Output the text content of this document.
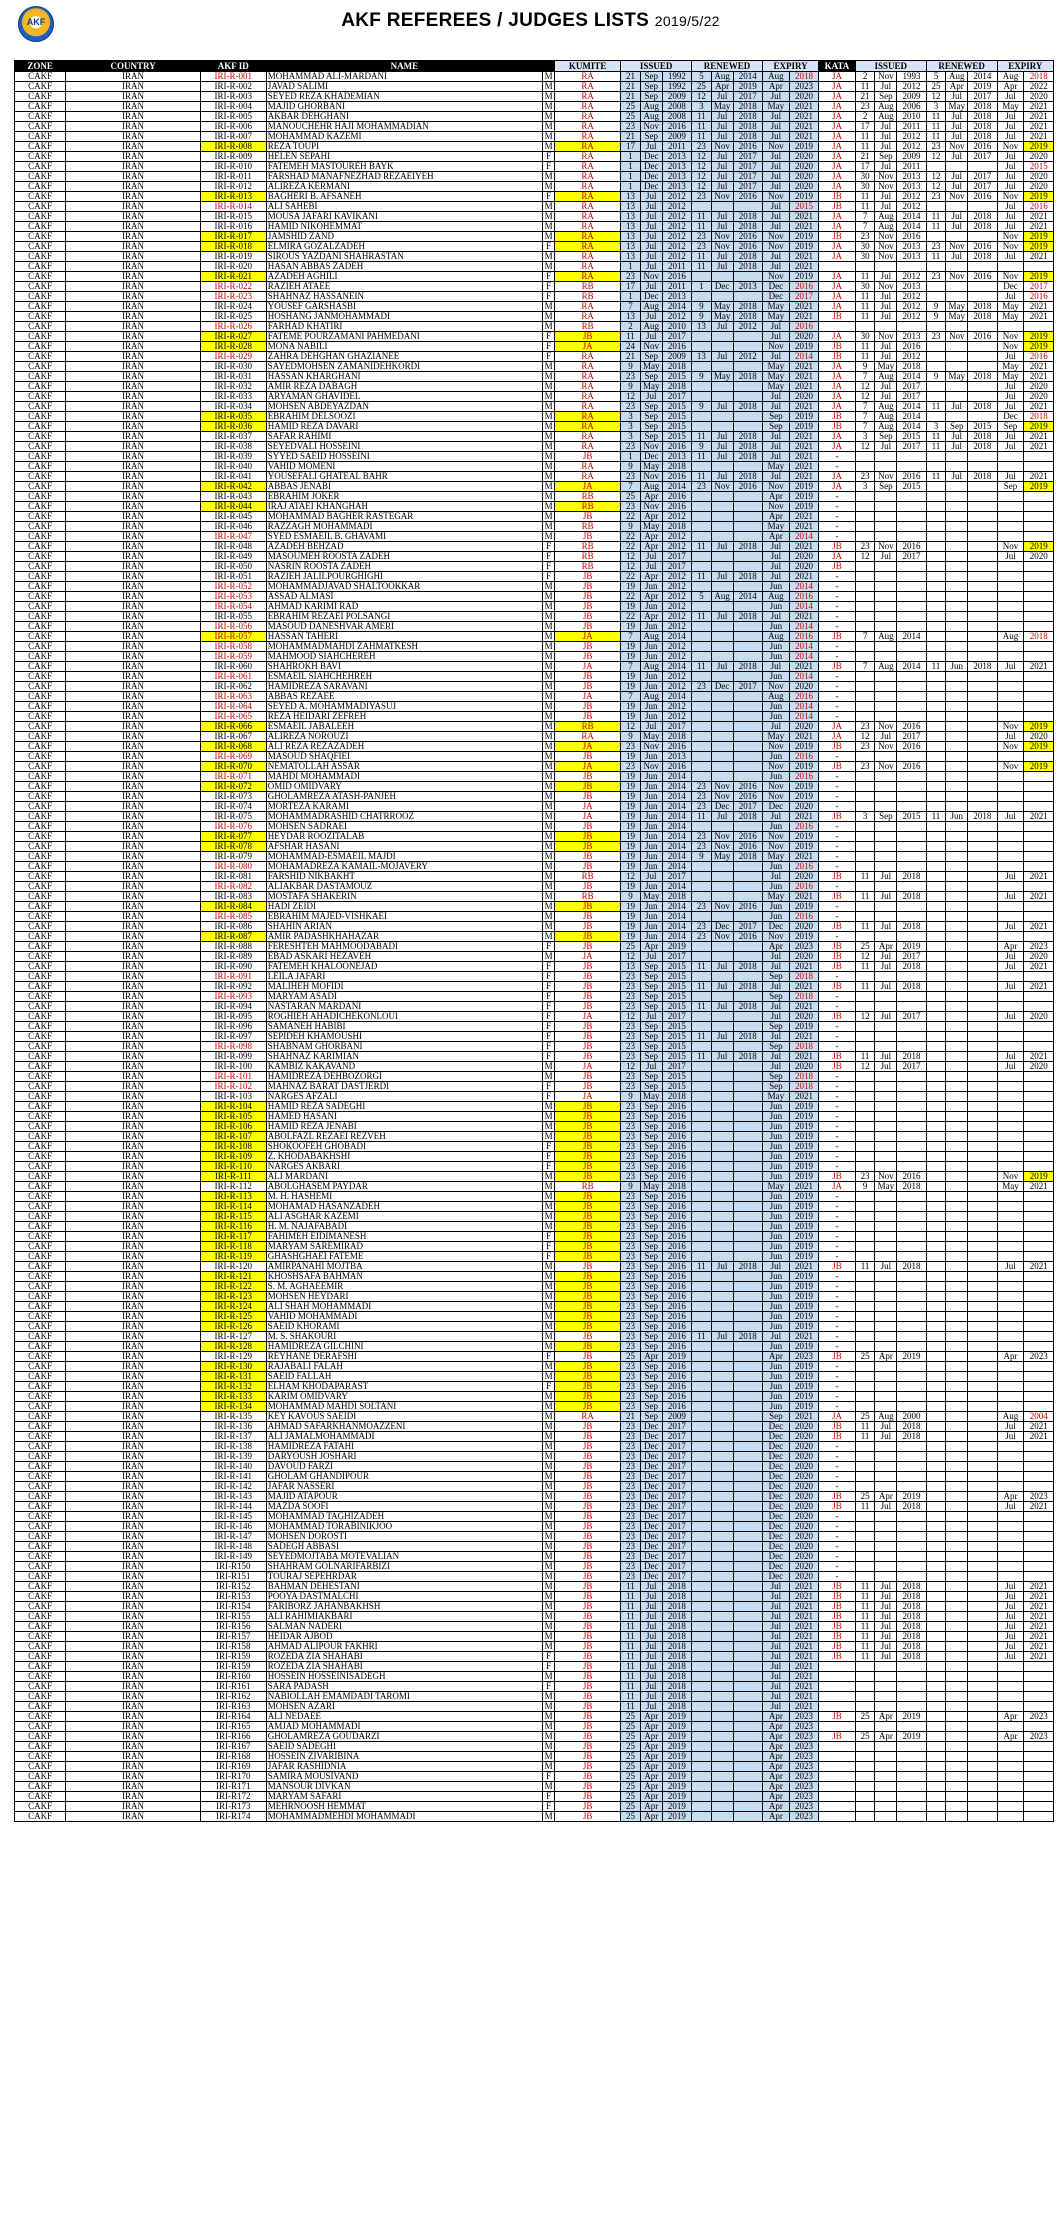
AKF	AKF REFEREES / JUDGES LISTS 2019/5/22
ZONE	COUNTRY	AKF ID	NAME		KUMITE	ISSUED			RENEWED			EXPIRY		KATA	ISSUED			RENEWED			EXPIRY	
CAKF	IRAN	IRI-R-001	MOHAMMAD ALI-MARDANI	M	RA	21	Sep	1992	5	Aug	2014	Aug	2018	JA	2	Nov	1993	5	Aug	2014	Aug	2018
CAKF	IRAN	IRI-R-002	JAVAD SALIMI	M	RA	21	Sep	1992	25	Apr	2019	Apr	2023	JA	11	Jul	2012	25	Apr	2019	Apr	2022
CAKF	IRAN	IRI-R-003	SEYED REZA KHADEMIAN	M	RA	21	Sep	2009	12	Jul	2017	Jul	2020	JA	21	Sep	2009	12	Jul	2017	Jul	2020
CAKF	IRAN	IRI-R-004	MAJID GHORBANI	M	RA	25	Aug	2008	3	May	2018	May	2021	JA	23	Aug	2006	3	May	2018	May	2021
CAKF	IRAN	IRI-R-005	AKBAR DEHGHANI	M	RA	25	Aug	2008	11	Jul	2018	Jul	2021	JA	2	Aug	2010	11	Jul	2018	Jul	2021
CAKF	IRAN	IRI-R-006	MANOUCHEHR HAJI MOHAMMADIAN	M	RA	23	Nov	2016	11	Jul	2018	Jul	2021	JA	17	Jul	2011	11	Jul	2018	Jul	2021
CAKF	IRAN	IRI-R-007	MOHAMMAD KAZEMI	M	RA	21	Sep	2009	11	Jul	2018	Jul	2021	JA	11	Jul	2012	11	Jul	2018	Jul	2021
CAKF	IRAN	IRI-R-008	REZA TOUPI	M	RA	17	Jul	2011	23	Nov	2016	Nov	2019	JA	11	Jul	2012	23	Nov	2016	Nov	2019
CAKF	IRAN	IRI-R-009	HELEN SEPAHI	F	RA	1	Dec	2013	12	Jul	2017	Jul	2020	JA	21	Sep	2009	12	Jul	2017	Jul	2020
CAKF	IRAN	IRI-R-010	FATEMEH MASTOUREH BAYK	F	RA	1	Dec	2013	12	Jul	2017	Jul	2020	JA	17	Jul	2011				Jul	2015
CAKF	IRAN	IRI-R-011	FARSHAD MANAFNEZHAD REZAEIYEH	M	RA	1	Dec	2013	12	Jul	2017	Jul	2020	JA	30	Nov	2013	12	Jul	2017	Jul	2020
CAKF	IRAN	IRI-R-012	ALIREZA KERMANI	M	RA	1	Dec	2013	12	Jul	2017	Jul	2020	JA	30	Nov	2013	12	Jul	2017	Jul	2020
CAKF	IRAN	IRI-R-013	BAGHERI B. AFSANEH	F	RA	13	Jul	2012	23	Nov	2016	Nov	2019	JB	11	Jul	2012	23	Nov	2016	Nov	2019
CAKF	IRAN	IRI-R-014	ALI SAHEBI	M	RA	13	Jul	2012				Jul	2015	JB	11	Jul	2012				Jul	2016
CAKF	IRAN	IRI-R-015	MOUSA JAFARI KAVIKANI	M	RA	13	Jul	2012	11	Jul	2018	Jul	2021	JA	7	Aug	2014	11	Jul	2018	Jul	2021
CAKF	IRAN	IRI-R-016	HAMID NIKOHEMMAT	M	RA	13	Jul	2012	11	Jul	2018	Jul	2021	JA	7	Aug	2014	11	Jul	2018	Jul	2021
CAKF	IRAN	IRI-R-017	JAMSHID ZAND	M	RA	13	Jul	2012	23	Nov	2016	Nov	2019	JB	23	Nov	2016				Nov	2019
CAKF	IRAN	IRI-R-018	ELMIRA GOZALZADEH	F	RA	13	Jul	2012	23	Nov	2016	Nov	2019	JA	30	Nov	2013	23	Nov	2016	Nov	2019
CAKF	IRAN	IRI-R-019	SIROUS YAZDANI SHAHRASTAN	M	RA	13	Jul	2012	11	Jul	2018	Jul	2021	JA	30	Nov	2013	11	Jul	2018	Jul	2021
CAKF	IRAN	IRI-R-020	HASAN ABBAS ZADEH	M	RA	1	Jul	2011	11	Jul	2018	Jul	2021									
CAKF	IRAN	IRI-R-021	AZADEH AGHILI	F	RA	23	Nov	2016				Nov	2019	JA	11	Jul	2012	23	Nov	2016	Nov	2019
CAKF	IRAN	IRI-R-022	RAZIEH ATAEE	F	RB	17	Jul	2011	1	Dec	2013	Dec	2016	JA	30	Nov	2013				Dec	2017
CAKF	IRAN	IRI-R-023	SHAHNAZ HASSANEIN	F	RB	1	Dec	2013				Dec	2017	JA	11	Jul	2012				Jul	2016
CAKF	IRAN	IRI-R-024	YOUSEF GARSHASBI	M	RA	7	Aug	2014	9	May	2018	May	2021	JA	11	Jul	2012	9	May	2018	May	2021
CAKF	IRAN	IRI-R-025	HOSHANG JANMOHAMMADI	M	RA	13	Jul	2012	9	May	2018	May	2021	JB	11	Jul	2012	9	May	2018	May	2021
CAKF	IRAN	IRI-R-026	FARHAD KHATIRI	M	RB	2	Aug	2010	13	Jul	2012	Jul	2016									
CAKF	IRAN	IRI-R-027	FATEME POURZAMANI PAHMEDANI	F	JB	11	Jul	2017				Jul	2020	JA	30	Nov	2013	23	Nov	2016	Nov	2019
CAKF	IRAN	IRI-R-028	MONA NABILI	F	JA	24	Nov	2016				Nov	2019	JB	11	Jul	2016				Nov	2019
CAKF	IRAN	IRI-R-029	ZAHRA DEHGHAN GHAZIANEE	F	RA	21	Sep	2009	13	Jul	2012	Jul	2014	JB	11	Jul	2012				Jul	2016
CAKF	IRAN	IRI-R-030	SAYEDMOHSEN ZAMANIDEHKORDI	M	RA	9	May	2018				May	2021	JA	9	May	2018				May	2021
CAKF	IRAN	IRI-R-031	HASSAN KHARGHANI	M	RA	23	Sep	2015	9	May	2018	May	2021	JA	7	Aug	2014	9	May	2018	May	2021
CAKF	IRAN	IRI-R-032	AMIR REZA DABAGH	M	RA	9	May	2018				May	2021	JA	12	Jul	2017				Jul	2020
CAKF	IRAN	IRI-R-033	ARYAMAN GHAVIDEL	M	RA	12	Jul	2017				Jul	2020	JA	12	Jul	2017				Jul	2020
CAKF	IRAN	IRI-R-034	MOHSEN ABDEYAZDAN	M	RA	23	Sep	2015	9	Jul	2018	Jul	2021	JA	7	Aug	2014	11	Jul	2018	Jul	2021
CAKF	IRAN	IRI-R-035	EBRAHIM DELSOOZI	M	RA	3	Sep	2015				Sep	2019	JB	7	Aug	2014				Dec	2018
CAKF	IRAN	IRI-R-036	HAMID REZA DAVARI	M	RA	3	Sep	2015				Sep	2019	JB	7	Aug	2014	3	Sep	2015	Sep	2019
CAKF	IRAN	IRI-R-037	SAFAR RAHIMI	M	RA	3	Sep	2015	11	Jul	2018	Jul	2021	JA	3	Sep	2015	11	Jul	2018	Jul	2021
CAKF	IRAN	IRI-R-038	SEYEDVALI HOSSEINI	M	RA	23	Nov	2016	9	Jul	2018	Jul	2021	JA	12	Jul	2017	11	Jul	2018	Jul	2021
CAKF	IRAN	IRI-R-039	SYYED SAEID HOSSEINI	M	JB	1	Dec	2013	11	Jul	2018	Jul	2021	-								
CAKF	IRAN	IRI-R-040	VAHID MOMENI	M	RA	9	May	2018				May	2021	-								
CAKF	IRAN	IRI-R-041	YOUSEFALI GHATEAL BAHR	M	RA	23	Nov	2016	11	Jul	2018	Jul	2021	JA	23	Nov	2016	11	Jul	2018	Jul	2021
CAKF	IRAN	IRI-R-042	ABBAS JENABI	M	JA	7	Aug	2014	23	Nov	2016	Nov	2019	JA	3	Sep	2015				Sep	2019
CAKF	IRAN	IRI-R-043	EBRAHIM JOKER	M	RB	25	Apr	2016				Apr	2019	-								
CAKF	IRAN	IRI-R-044	IRAJ ATAEI KHANGHAH	M	RB	23	Nov	2016				Nov	2019	-								
CAKF	IRAN	IRI-R-045	MOHAMMAD BAGHER RASTEGAR	M	JB	22	Apr	2012				Apr	2021	-								
CAKF	IRAN	IRI-R-046	RAZZAGH MOHAMMADI	M	RB	9	May	2018				May	2021	-								
CAKF	IRAN	IRI-R-047	SYED ESMAEIL B. GHAVAMI	M	JB	22	Apr	2012				Apr	2014	-								
CAKF	IRAN	IRI-R-048	AZADEH BEHZAD	F	RB	22	Apr	2012	11	Jul	2018	Jul	2021	JB	23	Nov	2016				Nov	2019
CAKF	IRAN	IRI-R-049	MASOUMEH ROOSTA ZADEH	F	RB	12	Jul	2017				Jul	2020	JA	12	Jul	2017				Jul	2020
CAKF	IRAN	IRI-R-050	NASRIN ROOSTA ZADEH	F	RB	12	Jul	2017				Jul	2020	JB								
CAKF	IRAN	IRI-R-051	RAZIEH JALILPOURGHIGHI	F	JB	22	Apr	2012	11	Jul	2018	Jul	2021	-								
CAKF	IRAN	IRI-R-052	MOHAMMADJAVAD SHALTOOKKAR	M	JB	19	Jun	2012				Jun	2014	-								
CAKF	IRAN	IRI-R-053	ASSAD ALMASI	M	JB	22	Apr	2012	5	Aug	2014	Aug	2016	-								
CAKF	IRAN	IRI-R-054	AHMAD KARIMI RAD	M	JB	19	Jun	2012				Jun	2014	-								
CAKF	IRAN	IRI-R-055	EBRAHIM REZAEI POLSANGI	M	JB	22	Apr	2012	11	Jul	2018	Jul	2021	-								
CAKF	IRAN	IRI-R-056	MASOUD DANESHVAR AMERI	M	JB	19	Jun	2012				Jun	2014	-								
CAKF	IRAN	IRI-R-057	HASSAN TAHERI	M	JA	7	Aug	2014				Aug	2016	JB	7	Aug	2014				Aug	2018
CAKF	IRAN	IRI-R-058	MOHAMMADMAHDI ZAHMATKESH	M	JB	19	Jun	2012				Jun	2014	-								
CAKF	IRAN	IRI-R-059	MAHMOOD SIAHCHEREH	M	JB	19	Jun	2012				Jun	2014	-								
CAKF	IRAN	IRI-R-060	SHAHROKH BAVI	M	JA	7	Aug	2014	11	Jul	2018	Jul	2021	JB	7	Aug	2014	11	Jun	2018	Jul	2021
CAKF	IRAN	IRI-R-061	ESMAEIL SIAHCHEHREH	M	JB	19	Jun	2012				Jun	2014	-								
CAKF	IRAN	IRI-R-062	HAMIDREZA SARAVANI	M	JB	19	Jun	2012	23	Dec	2017	Nov	2020	-								
CAKF	IRAN	IRI-R-063	ABBAS REZAEE	M	JA	7	Aug	2014				Aug	2016	-								
CAKF	IRAN	IRI-R-064	SEYED A. MOHAMMADIYASUJ	M	JB	19	Jun	2012				Jun	2014	-								
CAKF	IRAN	IRI-R-065	REZA HEIDARI ZEFREH	M	JB	19	Jun	2012				Jun	2014	-								
CAKF	IRAN	IRI-R-066	ESMAEIL JABALEEH	M	RB	12	Jul	2017				Jul	2020	JA	23	Nov	2016				Nov	2019
CAKF	IRAN	IRI-R-067	ALIREZA NOROUZI	M	RA	9	May	2018				May	2021	JA	12	Jul	2017				Jul	2020
CAKF	IRAN	IRI-R-068	ALI REZA REZAZADEH	M	JA	23	Nov	2016				Nov	2019	JB	23	Nov	2016				Nov	2019
CAKF	IRAN	IRI-R-069	MASOUD SHAQFIEI	M	JB	19	Jun	2013				Jun	2016	-								
CAKF	IRAN	IRI-R-070	NEMATOLLAH ASSAR	M	JA	23	Nov	2016				Nov	2019	JB	23	Nov	2016				Nov	2019
CAKF	IRAN	IRI-R-071	MAHDI MOHAMMADI	M	JB	19	Jun	2014				Jun	2016	-								
CAKF	IRAN	IRI-R-072	OMID OMIDVARY	M	JB	19	Jun	2014	23	Nov	2016	Nov	2019	-								
CAKF	IRAN	IRI-R-073	GHOLAMREZA ATASH-PANJEH	M	JB	19	Jun	2014	23	Nov	2016	Nov	2019	-								
CAKF	IRAN	IRI-R-074	MORTEZA KARAMI	M	JA	19	Jun	2014	23	Dec	2017	Dec	2020	-								
CAKF	IRAN	IRI-R-075	MOHAMMADRASHID CHATRROOZ	M	JA	19	Jun	2014	11	Jul	2018	Jul	2021	JB	3	Sep	2015	11	Jun	2018	Jul	2021
CAKF	IRAN	IRI-R-076	MOHSEN SADRAEI	M	JB	19	Jun	2014				Jun	2016	-								
CAKF	IRAN	IRI-R-077	HEYDAR ROOZITALAB	M	JB	19	Jun	2014	23	Nov	2016	Nov	2019	-								
CAKF	IRAN	IRI-R-078	AFSHAR HASANI	M	JB	19	Jun	2014	23	Nov	2016	Nov	2019	-								
CAKF	IRAN	IRI-R-079	MOHAMMAD-ESMAEIL MAJDI	M	JB	19	Jun	2014	9	May	2018	May	2021	-								
CAKF	IRAN	IRI-R-080	MOHAMADREZA KAMAIL-MOJAVERY	M	JB	19	Jun	2014				Jun	2016	-								
CAKF	IRAN	IRI-R-081	FARSHID NIKBAKHT	M	RB	12	Jul	2017				Jul	2020	JB	11	Jul	2018				Jul	2021
CAKF	IRAN	IRI-R-082	ALIAKBAR DASTAMOUZ	M	JB	19	Jun	2014				Jun	2016	-								
CAKF	IRAN	IRI-R-083	MOSTAFA SHAKERIN	M	RB	9	May	2018				May	2021	JB	11	Jul	2018				Jul	2021
CAKF	IRAN	IRI-R-084	HADI ZEIDI	M	JB	19	Jun	2014	23	Nov	2016	Jun	2019	-								
CAKF	IRAN	IRI-R-085	EBRAHIM MAJED-VISHKAEI	M	JB	19	Jun	2014				Jun	2016	-								
CAKF	IRAN	IRI-R-086	SHAHIN ARIAN	M	JB	19	Jun	2014	23	Dec	2017	Dec	2020	JB	11	Jul	2018				Jul	2021
CAKF	IRAN	IRI-R-087	AMIR PADASHKHAHAZAR	M	JB	19	Jun	2014	23	Nov	2016	Nov	2019	-								
CAKF	IRAN	IRI-R-088	FERESHTEH MAHMOODABADI	F	JB	25	Apr	2019				Apr	2023	JB	25	Apr	2019				Apr	2023
CAKF	IRAN	IRI-R-089	EBAD ASKARI HEZAVEH	M	JA	12	Jul	2017				Jul	2020	JB	12	Jul	2017				Jul	2020
CAKF	IRAN	IRI-R-090	FATEMEH KHALOONEJAD	F	JB	13	Sep	2015	11	Jul	2018	Jul	2021	JB	11	Jul	2018				Jul	2021
CAKF	IRAN	IRI-R-091	LEILA JAFARI	F	JB	23	Sep	2015				Sep	2018	-								
CAKF	IRAN	IRI-R-092	MALIHEH MOFIDI	F	JB	23	Sep	2015	11	Jul	2018	Jul	2021	JB	11	Jul	2018				Jul	2021
CAKF	IRAN	IRI-R-093	MARYAM ASADI	F	JB	23	Sep	2015				Sep	2018	-								
CAKF	IRAN	IRI-R-094	NASTARAN MARDANI	F	JB	23	Sep	2015	11	Jul	2018	Jul	2021	-								
CAKF	IRAN	IRI-R-095	ROGHIEH AHADICHEKONLOUI	F	JA	12	Jul	2017				Jul	2020	JB	12	Jul	2017				Jul	2020
CAKF	IRAN	IRI-R-096	SAMANEH HABIBI	F	JB	23	Sep	2015				Sep	2019	-								
CAKF	IRAN	IRI-R-097	SEPIDEH KHAMOUSHI	F	JB	23	Sep	2015	11	Jul	2018	Jul	2021	-								
CAKF	IRAN	IRI-R-098	SHABNAM GHORBANI	F	JB	23	Sep	2015				Sep	2018	-								
CAKF	IRAN	IRI-R-099	SHAHNAZ KARIMIAN	F	JB	23	Sep	2015	11	Jul	2018	Jul	2021	JB	11	Jul	2018				Jul	2021
CAKF	IRAN	IRI-R-100	KAMBIZ KAKAVAND	M	JA	12	Jul	2017				Jul	2020	JB	12	Jul	2017				Jul	2020
CAKF	IRAN	IRI-R-101	HAMIDREZA DEHBOZORGI	M	JB	23	Sep	2015				Sep	2018	-								
CAKF	IRAN	IRI-R-102	MAHNAZ BARAT DASTJERDI	F	JB	23	Sep	2015				Sep	2018	-								
CAKF	IRAN	IRI-R-103	NARGES AFZALI	F	JA	9	May	2018				May	2021	-								
CAKF	IRAN	IRI-R-104	HAMID REZA SADEGHI	M	JB	23	Sep	2016				Jun	2019	-								
CAKF	IRAN	IRI-R-105	HAMED HASANI	M	JB	23	Sep	2016				Jun	2019	-								
CAKF	IRAN	IRI-R-106	HAMID REZA JENABI	M	JB	23	Sep	2016				Jun	2019	-								
CAKF	IRAN	IRI-R-107	ABOLFAZL REZAEI REZVEH	M	JB	23	Sep	2016				Jun	2019	-								
CAKF	IRAN	IRI-R-108	SHOKOOFEH GHOBADI	F	JB	23	Sep	2016				Jun	2019	-								
CAKF	IRAN	IRI-R-109	Z. KHODABAKHSHI	F	JB	23	Sep	2016				Jun	2019	-								
CAKF	IRAN	IRI-R-110	NARGES AKBARI	F	JB	23	Sep	2016				Jun	2019	-								
CAKF	IRAN	IRI-R-111	ALI MARDANI	M	JB	23	Sep	2016				Jun	2019	JB	23	Nov	2016				Nov	2019
CAKF	IRAN	IRI-R-112	ABOLGHASEM PAYDAR	M	RB	9	May	2018				May	2021	JA	9	May	2018				May	2021
CAKF	IRAN	IRI-R-113	M. H. HASHEMI	M	JB	23	Sep	2016				Jun	2019	-								
CAKF	IRAN	IRI-R-114	MOHAMAD HASANZADEH	M	JB	23	Sep	2016				Jun	2019	-								
CAKF	IRAN	IRI-R-115	ALI ASGHAR KAZEMI	M	JB	23	Sep	2016				Jun	2019	-								
CAKF	IRAN	IRI-R-116	H. M. NAJAFABADI	M	JB	23	Sep	2016				Jun	2019	-								
CAKF	IRAN	IRI-R-117	FAHIMEH EIDIMANESH	F	JB	23	Sep	2016				Jun	2019	-								
CAKF	IRAN	IRI-R-118	MARYAM SAREMIRAD	F	JB	23	Sep	2016				Jun	2019	-								
CAKF	IRAN	IRI-R-119	GHASHGHAEI FATEME	F	JB	23	Sep	2016				Jun	2019	-								
CAKF	IRAN	IRI-R-120	AMIRPANAHI MOJTBA	M	JB	23	Sep	2016	11	Jul	2018	Jul	2021	JB	11	Jul	2018				Jul	2021
CAKF	IRAN	IRI-R-121	KHOSHSAFA BAHMAN	M	JB	23	Sep	2016				Jun	2019	-								
CAKF	IRAN	IRI-R-122	S. M. AGHAEEMIR	M	JB	23	Sep	2016				Jun	2019	-								
CAKF	IRAN	IRI-R-123	MOHSEN HEYDARI	M	JB	23	Sep	2016				Jun	2019	-								
CAKF	IRAN	IRI-R-124	ALI SHAH MOHAMMADI	M	JB	23	Sep	2016				Jun	2019	-								
CAKF	IRAN	IRI-R-125	VAHID MOHAMMADI	M	JB	23	Sep	2016				Jun	2019	-								
CAKF	IRAN	IRI-R-126	SAEID KHORAMI	M	JB	23	Sep	2016				Jun	2019	-								
CAKF	IRAN	IRI-R-127	M. S. SHAKOURI	M	JB	23	Sep	2016	11	Jul	2018	Jul	2021	-								
CAKF	IRAN	IRI-R-128	HAMIDREZA GILCHINI	M	JB	23	Sep	2016				Jun	2019	-								
CAKF	IRAN	IRI-R-129	REYHANE DERAFSHI	F	JB	25	Apr	2019				Apr	2023	JB	25	Apr	2019				Apr	2023
CAKF	IRAN	IRI-R-130	RAJABALI FALAH	M	JB	23	Sep	2016				Jun	2019	-								
CAKF	IRAN	IRI-R-131	SAEID FALLAH	M	JB	23	Sep	2016				Jun	2019	-								
CAKF	IRAN	IRI-R-132	ELHAM KHODAPARAST	F	JB	23	Sep	2016				Jun	2019	-								
CAKF	IRAN	IRI-R-133	KARIM OMIDVARY	M	JB	23	Sep	2016				Jun	2019	-								
CAKF	IRAN	IRI-R-134	MOHAMMAD MAHDI SOLTANI	M	JB	23	Sep	2016				Jun	2019	-								
CAKF	IRAN	IRI-R-135	KEY KAVOUS SAEIDI	M	RA	21	Sep	2009				Sep	2021	JA	25	Aug	2000				Aug	2004
CAKF	IRAN	IRI-R-136	AHMAD SAFARKHANMOAZZENI	M	JB	23	Dec	2017				Dec	2020	JB	11	Jul	2018				Jul	2021
CAKF	IRAN	IRI-R-137	ALI JAMALMOHAMMADI	M	JB	23	Dec	2017				Dec	2020	JB	11	Jul	2018				Jul	2021
CAKF	IRAN	IRI-R-138	HAMIDREZA FATAHI	M	JB	23	Dec	2017				Dec	2020	-								
CAKF	IRAN	IRI-R-139	DARYOUSH JOSHARI	M	JB	23	Dec	2017				Dec	2020	-								
CAKF	IRAN	IRI-R-140	DAVOUD FARZI	M	JB	23	Dec	2017				Dec	2020	-								
CAKF	IRAN	IRI-R-141	GHOLAM GHANDIPOUR	M	JB	23	Dec	2017				Dec	2020	-								
CAKF	IRAN	IRI-R-142	JAFAR NASSERI	M	JB	23	Dec	2017				Dec	2020	-								
CAKF	IRAN	IRI-R-143	MAJID ATAPOUR	M	JB	23	Dec	2017				Dec	2020	JB	25	Apr	2019				Apr	2023
CAKF	IRAN	IRI-R-144	MAZDA SOOFI	M	JB	23	Dec	2017				Dec	2020	JB	11	Jul	2018				Jul	2021
CAKF	IRAN	IRI-R-145	MOHAMMAD TAGHIZADEH	M	JB	23	Dec	2017				Dec	2020	-								
CAKF	IRAN	IRI-R-146	MOHAMMAD TORABINIKJOO	M	JB	23	Dec	2017				Dec	2020	-								
CAKF	IRAN	IRI-R-147	MOHSEN DOROSTI	M	JB	23	Dec	2017				Dec	2020	-								
CAKF	IRAN	IRI-R-148	SADEGH ABBASI	M	JB	23	Dec	2017				Dec	2020	-								
CAKF	IRAN	IRI-R-149	SEYEDMOJTABA MOTEVALIAN	M	JB	23	Dec	2017				Dec	2020	-								
CAKF	IRAN	IRI-R150	SHAHRAM GOLNARIFARBIZI	M	JB	23	Dec	2017				Dec	2020	-								
CAKF	IRAN	IRI-R151	TOURAJ SEPEHRDAR	M	JB	23	Dec	2017				Dec	2020	-								
CAKF	IRAN	IRI-R152	BAHMAN DEHESTANI	M	JB	11	Jul	2018				Jul	2021	JB	11	Jul	2018				Jul	2021
CAKF	IRAN	IRI-R153	POOYA DASTMALCHI	M	JB	11	Jul	2018				Jul	2021	JB	11	Jul	2018				Jul	2021
CAKF	IRAN	IRI-R154	FARIBORZ JAHANBAKHSH	M	JB	11	Jul	2018				Jul	2021	JB	11	Jul	2018				Jul	2021
CAKF	IRAN	IRI-R155	ALI RAHIMIAKBARI	M	JB	11	Jul	2018				Jul	2021	JB	11	Jul	2018				Jul	2021
CAKF	IRAN	IRI-R156	SALMAN NADERI	M	JB	11	Jul	2018				Jul	2021	JB	11	Jul	2018				Jul	2021
CAKF	IRAN	IRI-R157	HEIDAR AJBOD	M	JB	11	Jul	2018				Jul	2021	JB	11	Jul	2018				Jul	2021
CAKF	IRAN	IRI-R158	AHMAD ALIPOUR FAKHRI	M	JB	11	Jul	2018				Jul	2021	JB	11	Jul	2018				Jul	2021
CAKF	IRAN	IRI-R159	ROZEDA ZIA SHAHABI	F	JB	11	Jul	2018				Jul	2021	JB	11	Jul	2018				Jul	2021
CAKF	IRAN	IRI-R159	ROZEDA ZIA SHAHABI	F	JB	11	Jul	2018				Jul	2021									
CAKF	IRAN	IRI-R160	HOSSEIN HOSSEINISADEGH	M	JB	11	Jul	2018				Jul	2021									
CAKF	IRAN	IRI-R161	SARA PADASH	F	JB	11	Jul	2018				Jul	2021									
CAKF	IRAN	IRI-R162	NABIOLLAH EMAMDADI TAROMI	M	JB	11	Jul	2018				Jul	2021									
CAKF	IRAN	IRI-R163	MOHSEN AZARI	M	JB	11	Jul	2018				Jul	2021									
CAKF	IRAN	IRI-R164	ALI NEDAEE	M	JB	25	Apr	2019				Apr	2023	JB	25	Apr	2019				Apr	2023
CAKF	IRAN	IRI-R165	AMJAD MOHAMMADI	M	JB	25	Apr	2019				Apr	2023									
CAKF	IRAN	IRI-R166	GHOLAMREZA GOUDARZI	M	JB	25	Apr	2019				Apr	2023	JB	25	Apr	2019				Apr	2023
CAKF	IRAN	IRI-R167	SAEID SADEGHI	M	JB	25	Apr	2019				Apr	2023									
CAKF	IRAN	IRI-R168	HOSSEIN ZIVARIBINA	M	JB	25	Apr	2019				Apr	2023									
CAKF	IRAN	IRI-R169	JAFAR RASHIDNIA	M	JB	25	Apr	2019				Apr	2023									
CAKF	IRAN	IRI-R170	SAMIRA MOUSIVAND	F	JB	25	Apr	2019				Apr	2023									
CAKF	IRAN	IRI-R171	MANSOUR DIVKAN	M	JB	25	Apr	2019				Apr	2023									
CAKF	IRAN	IRI-R172	MARYAM SAFARI	F	JB	25	Apr	2019				Apr	2023									
CAKF	IRAN	IRI-R173	MEHRNOOSH HEMMAT	F	JB	25	Apr	2019				Apr	2023									
CAKF	IRAN	IRI-R174	MOHAMMADMEHDI MOHAMMADI	M	JB	25	Apr	2019				Apr	2023									
